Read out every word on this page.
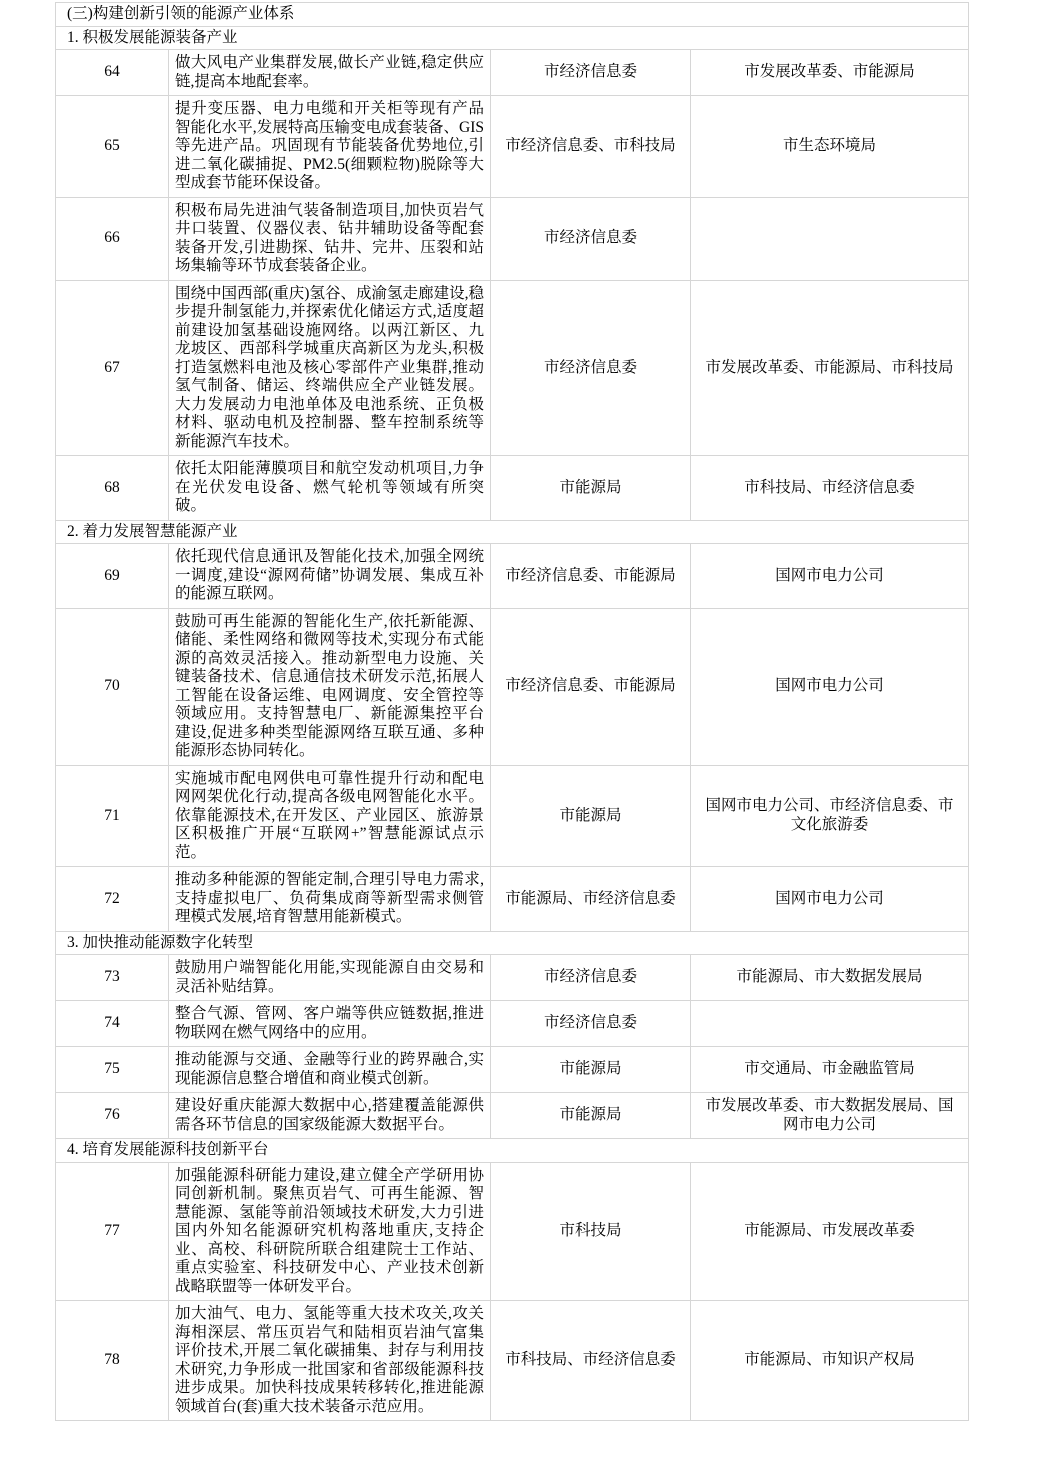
(三)构建创新引领的能源产业体系			
1. 积极发展能源装备产业			
64	做大风电产业集群发展,做长产业链,稳定供应链,提高本地配套率。	市经济信息委	市发展改革委、市能源局
65	提升变压器、电力电缆和开关柜等现有产品智能化水平,发展特高压输变电成套装备、GIS等先进产品。巩固现有节能装备优势地位,引进二氧化碳捕捉、PM2.5(细颗粒物)脱除等大型成套节能环保设备。	市经济信息委、市科技局	市生态环境局
66	积极布局先进油气装备制造项目,加快页岩气井口装置、仪器仪表、钻井辅助设备等配套装备开发,引进勘探、钻井、完井、压裂和站场集输等环节成套装备企业。	市经济信息委	
67	围绕中国西部(重庆)氢谷、成渝氢走廊建设,稳步提升制氢能力,并探索优化储运方式,适度超前建设加氢基础设施网络。以两江新区、九龙坡区、西部科学城重庆高新区为龙头,积极打造氢燃料电池及核心零部件产业集群,推动氢气制备、储运、终端供应全产业链发展。大力发展动力电池单体及电池系统、正负极材料、驱动电机及控制器、整车控制系统等新能源汽车技术。	市经济信息委	市发展改革委、市能源局、市科技局
68	依托太阳能薄膜项目和航空发动机项目,力争在光伏发电设备、燃气轮机等领域有所突破。	市能源局	市科技局、市经济信息委
2. 着力发展智慧能源产业			
69	依托现代信息通讯及智能化技术,加强全网统一调度,建设“源网荷储”协调发展、集成互补的能源互联网。	市经济信息委、市能源局	国网市电力公司
70	鼓励可再生能源的智能化生产,依托新能源、储能、柔性网络和微网等技术,实现分布式能源的高效灵活接入。推动新型电力设施、关键装备技术、信息通信技术研发示范,拓展人工智能在设备运维、电网调度、安全管控等领域应用。支持智慧电厂、新能源集控平台建设,促进多种类型能源网络互联互通、多种能源形态协同转化。	市经济信息委、市能源局	国网市电力公司
71	实施城市配电网供电可靠性提升行动和配电网网架优化行动,提高各级电网智能化水平。依靠能源技术,在开发区、产业园区、旅游景区积极推广开展“互联网+”智慧能源试点示范。	市能源局	国网市电力公司、市经济信息委、市文化旅游委
72	推动多种能源的智能定制,合理引导电力需求,支持虚拟电厂、负荷集成商等新型需求侧管理模式发展,培育智慧用能新模式。	市能源局、市经济信息委	国网市电力公司
3. 加快推动能源数字化转型			
73	鼓励用户端智能化用能,实现能源自由交易和灵活补贴结算。	市经济信息委	市能源局、市大数据发展局
74	整合气源、管网、客户端等供应链数据,推进物联网在燃气网络中的应用。	市经济信息委	
75	推动能源与交通、金融等行业的跨界融合,实现能源信息整合增值和商业模式创新。	市能源局	市交通局、市金融监管局
76	建设好重庆能源大数据中心,搭建覆盖能源供需各环节信息的国家级能源大数据平台。	市能源局	市发展改革委、市大数据发展局、国网市电力公司
4. 培育发展能源科技创新平台			
77	加强能源科研能力建设,建立健全产学研用协同创新机制。聚焦页岩气、可再生能源、智慧能源、氢能等前沿领域技术研发,大力引进国内外知名能源研究机构落地重庆,支持企业、高校、科研院所联合组建院士工作站、重点实验室、科技研发中心、产业技术创新战略联盟等一体研发平台。	市科技局	市能源局、市发展改革委
78	加大油气、电力、氢能等重大技术攻关,攻关海相深层、常压页岩气和陆相页岩油气富集评价技术,开展二氧化碳捕集、封存与利用技术研究,力争形成一批国家和省部级能源科技进步成果。加快科技成果转移转化,推进能源领域首台(套)重大技术装备示范应用。	市科技局、市经济信息委	市能源局、市知识产权局
